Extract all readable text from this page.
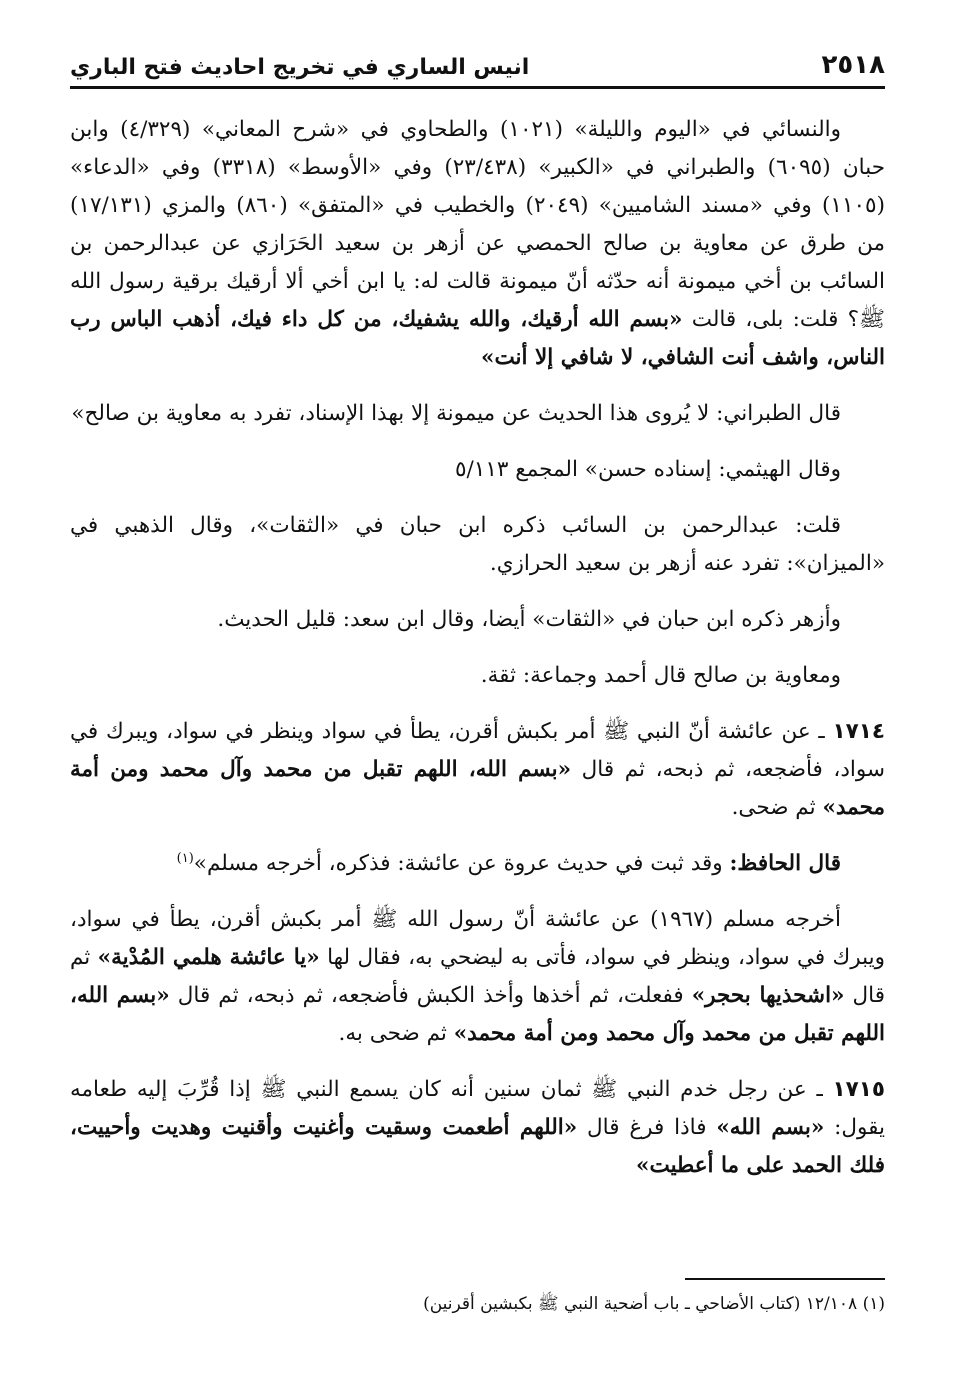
٢٥١٨
انيس الساري في تخريج احاديث فتح الباري

والنسائي في «اليوم والليلة» (١٠٢١) والطحاوي في «شرح المعاني» (٤/٣٢٩) وابن حبان (٦٠٩٥) والطبراني في «الكبير» (٢٣/٤٣٨) وفي «الأوسط» (٣٣١٨) وفي «الدعاء» (١١٠٥) وفي «مسند الشاميين» (٢٠٤٩) والخطيب في «المتفق» (٨٦٠) والمزي (١٧/١٣١) من طرق عن معاوية بن صالح الحمصي عن أزهر بن سعيد الحَرَازي عن عبدالرحمن بن السائب بن أخي ميمونة أنه حدّثه أنّ ميمونة قالت له: يا ابن أخي ألا أرقيك برقية رسول الله ﷺ؟ قلت: بلى، قالت «بسم الله أرقيك، والله يشفيك، من كل داء فيك، أذهب الباس رب الناس، واشف أنت الشافي، لا شافي إلا أنت»

قال الطبراني: لا يُروى هذا الحديث عن ميمونة إلا بهذا الإسناد، تفرد به معاوية بن صالح»

وقال الهيثمي: إسناده حسن» المجمع ٥/١١٣

قلت: عبدالرحمن بن السائب ذكره ابن حبان في «الثقات»، وقال الذهبي في «الميزان»: تفرد عنه أزهر بن سعيد الحرازي.

وأزهر ذكره ابن حبان في «الثقات» أيضا، وقال ابن سعد: قليل الحديث.

ومعاوية بن صالح قال أحمد وجماعة: ثقة.

١٧١٤ ـ عن عائشة أنّ النبي ﷺ أمر بكبش أقرن، يطأ في سواد وينظر في سواد، ويبرك في سواد، فأضجعه، ثم ذبحه، ثم قال «بسم الله، اللهم تقبل من محمد وآل محمد ومن أمة محمد» ثم ضحى.

قال الحافظ: وقد ثبت في حديث عروة عن عائشة: فذكره، أخرجه مسلم»$^{(١)}$

أخرجه مسلم (١٩٦٧) عن عائشة أنّ رسول الله ﷺ أمر بكبش أقرن، يطأ في سواد، ويبرك في سواد، وينظر في سواد، فأتى به ليضحي به، فقال لها «يا عائشة هلمي المُدْية» ثم قال «اشحذيها بحجر» ففعلت، ثم أخذها وأخذ الكبش فأضجعه، ثم ذبحه، ثم قال «بسم الله، اللهم تقبل من محمد وآل محمد ومن أمة محمد» ثم ضحى به.

١٧١٥ ـ عن رجل خدم النبي ﷺ ثمان سنين أنه كان يسمع النبي ﷺ إذا قُرِّبَ إليه طعامه يقول: «بسم الله» فاذا فرغ قال «اللهم أطعمت وسقيت وأغنيت وأقنيت وهديت وأحييت، فلك الحمد على ما أعطيت»

(١) ١٢/١٠٨ (كتاب الأضاحي ـ باب أضحية النبي ﷺ بكبشين أقرنين)
